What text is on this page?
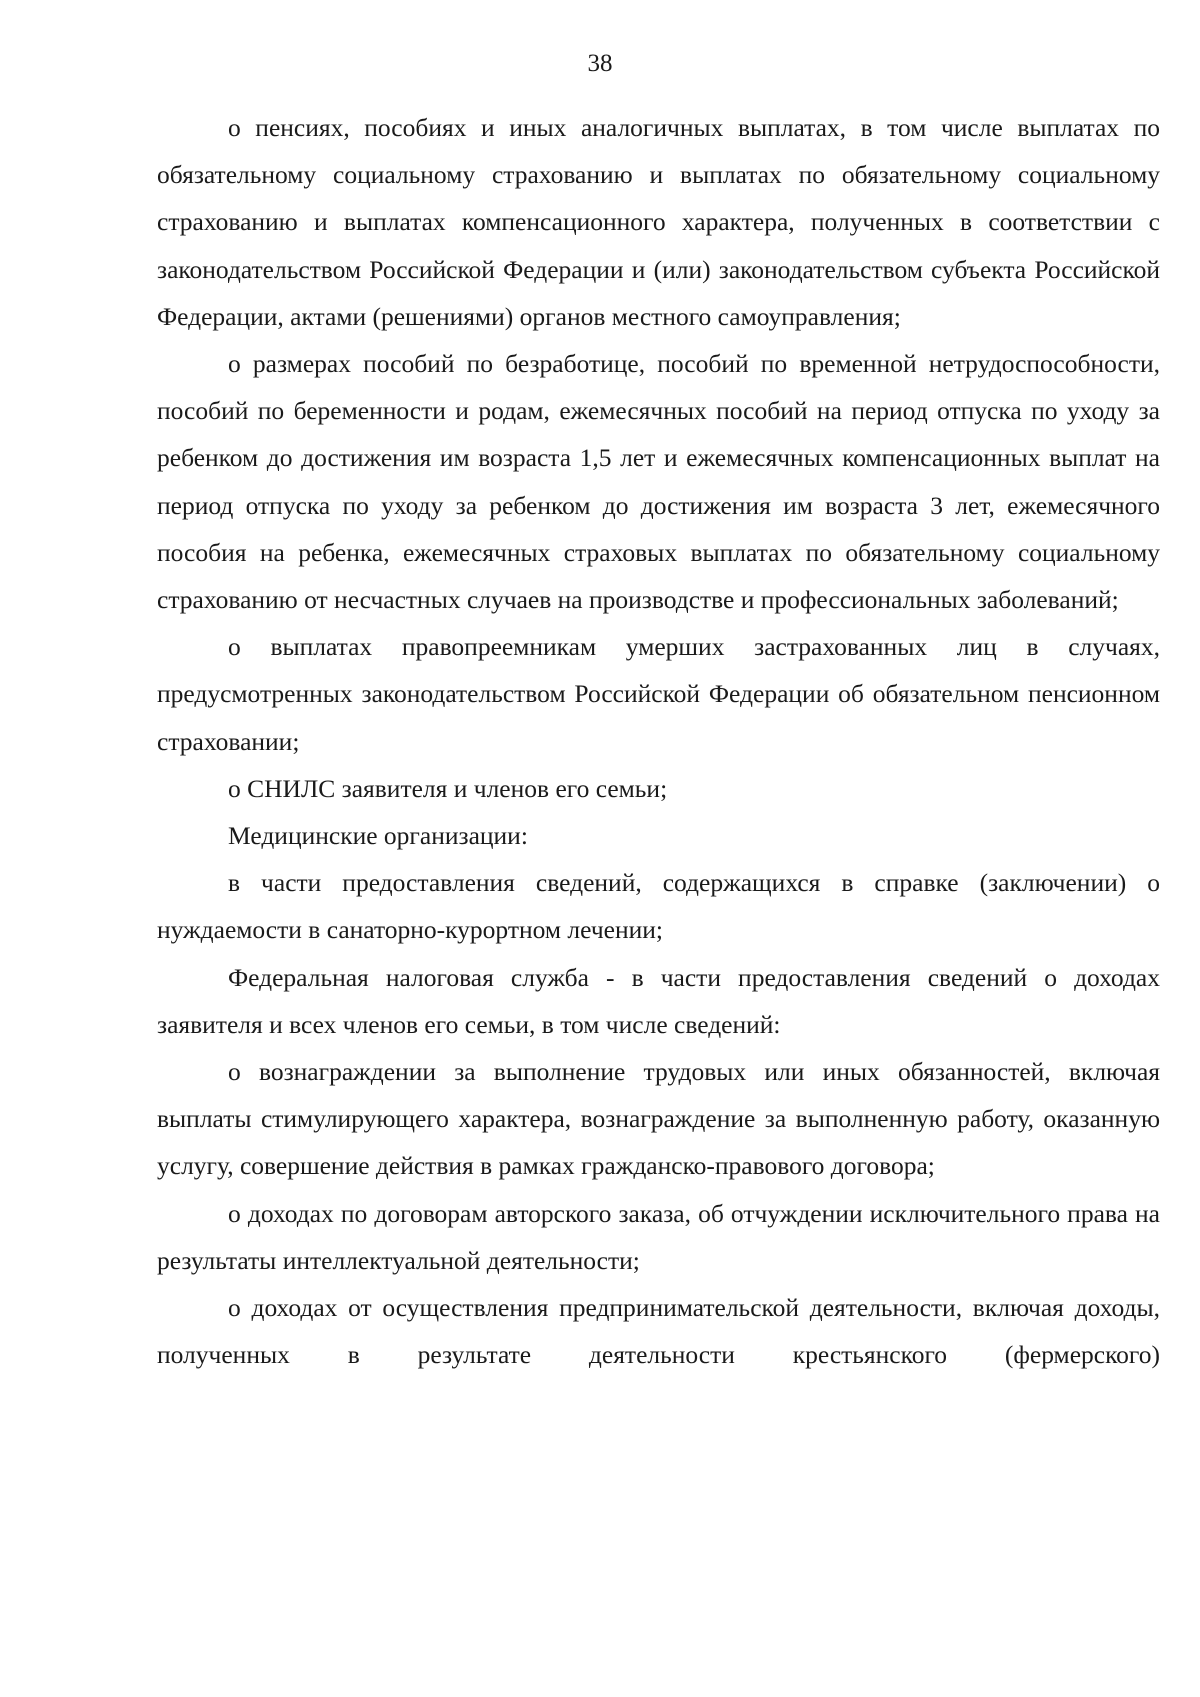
38

о пенсиях, пособиях и иных аналогичных выплатах, в том числе выплатах по обязательному социальному страхованию и выплатах по обязательному социальному страхованию и выплатах компенсационного характера, полученных в соответствии с законодательством Российской Федерации и (или) законодательством субъекта Российской Федерации, актами (решениями) органов местного самоуправления;

о размерах пособий по безработице, пособий по временной нетрудоспособности, пособий по беременности и родам, ежемесячных пособий на период отпуска по уходу за ребенком до достижения им возраста 1,5 лет и ежемесячных компенсационных выплат на период отпуска по уходу за ребенком до достижения им возраста 3 лет, ежемесячного пособия на ребенка, ежемесячных страховых выплатах по обязательному социальному страхованию от несчастных случаев на производстве и профессиональных заболеваний;

о выплатах правопреемникам умерших застрахованных лиц в случаях, предусмотренных законодательством Российской Федерации об обязательном пенсионном страховании;

о СНИЛС заявителя и членов его семьи;

Медицинские организации:

в части предоставления сведений, содержащихся в справке (заключении) о нуждаемости в санаторно-курортном лечении;

Федеральная налоговая служба - в части предоставления сведений о доходах заявителя и всех членов его семьи, в том числе сведений:

о вознаграждении за выполнение трудовых или иных обязанностей, включая выплаты стимулирующего характера, вознаграждение за выполненную работу, оказанную услугу, совершение действия в рамках гражданско-правового договора;

о доходах по договорам авторского заказа, об отчуждении исключительного права на результаты интеллектуальной деятельности;

о доходах от осуществления предпринимательской деятельности, включая доходы, полученных в результате деятельности крестьянского (фермерского)
